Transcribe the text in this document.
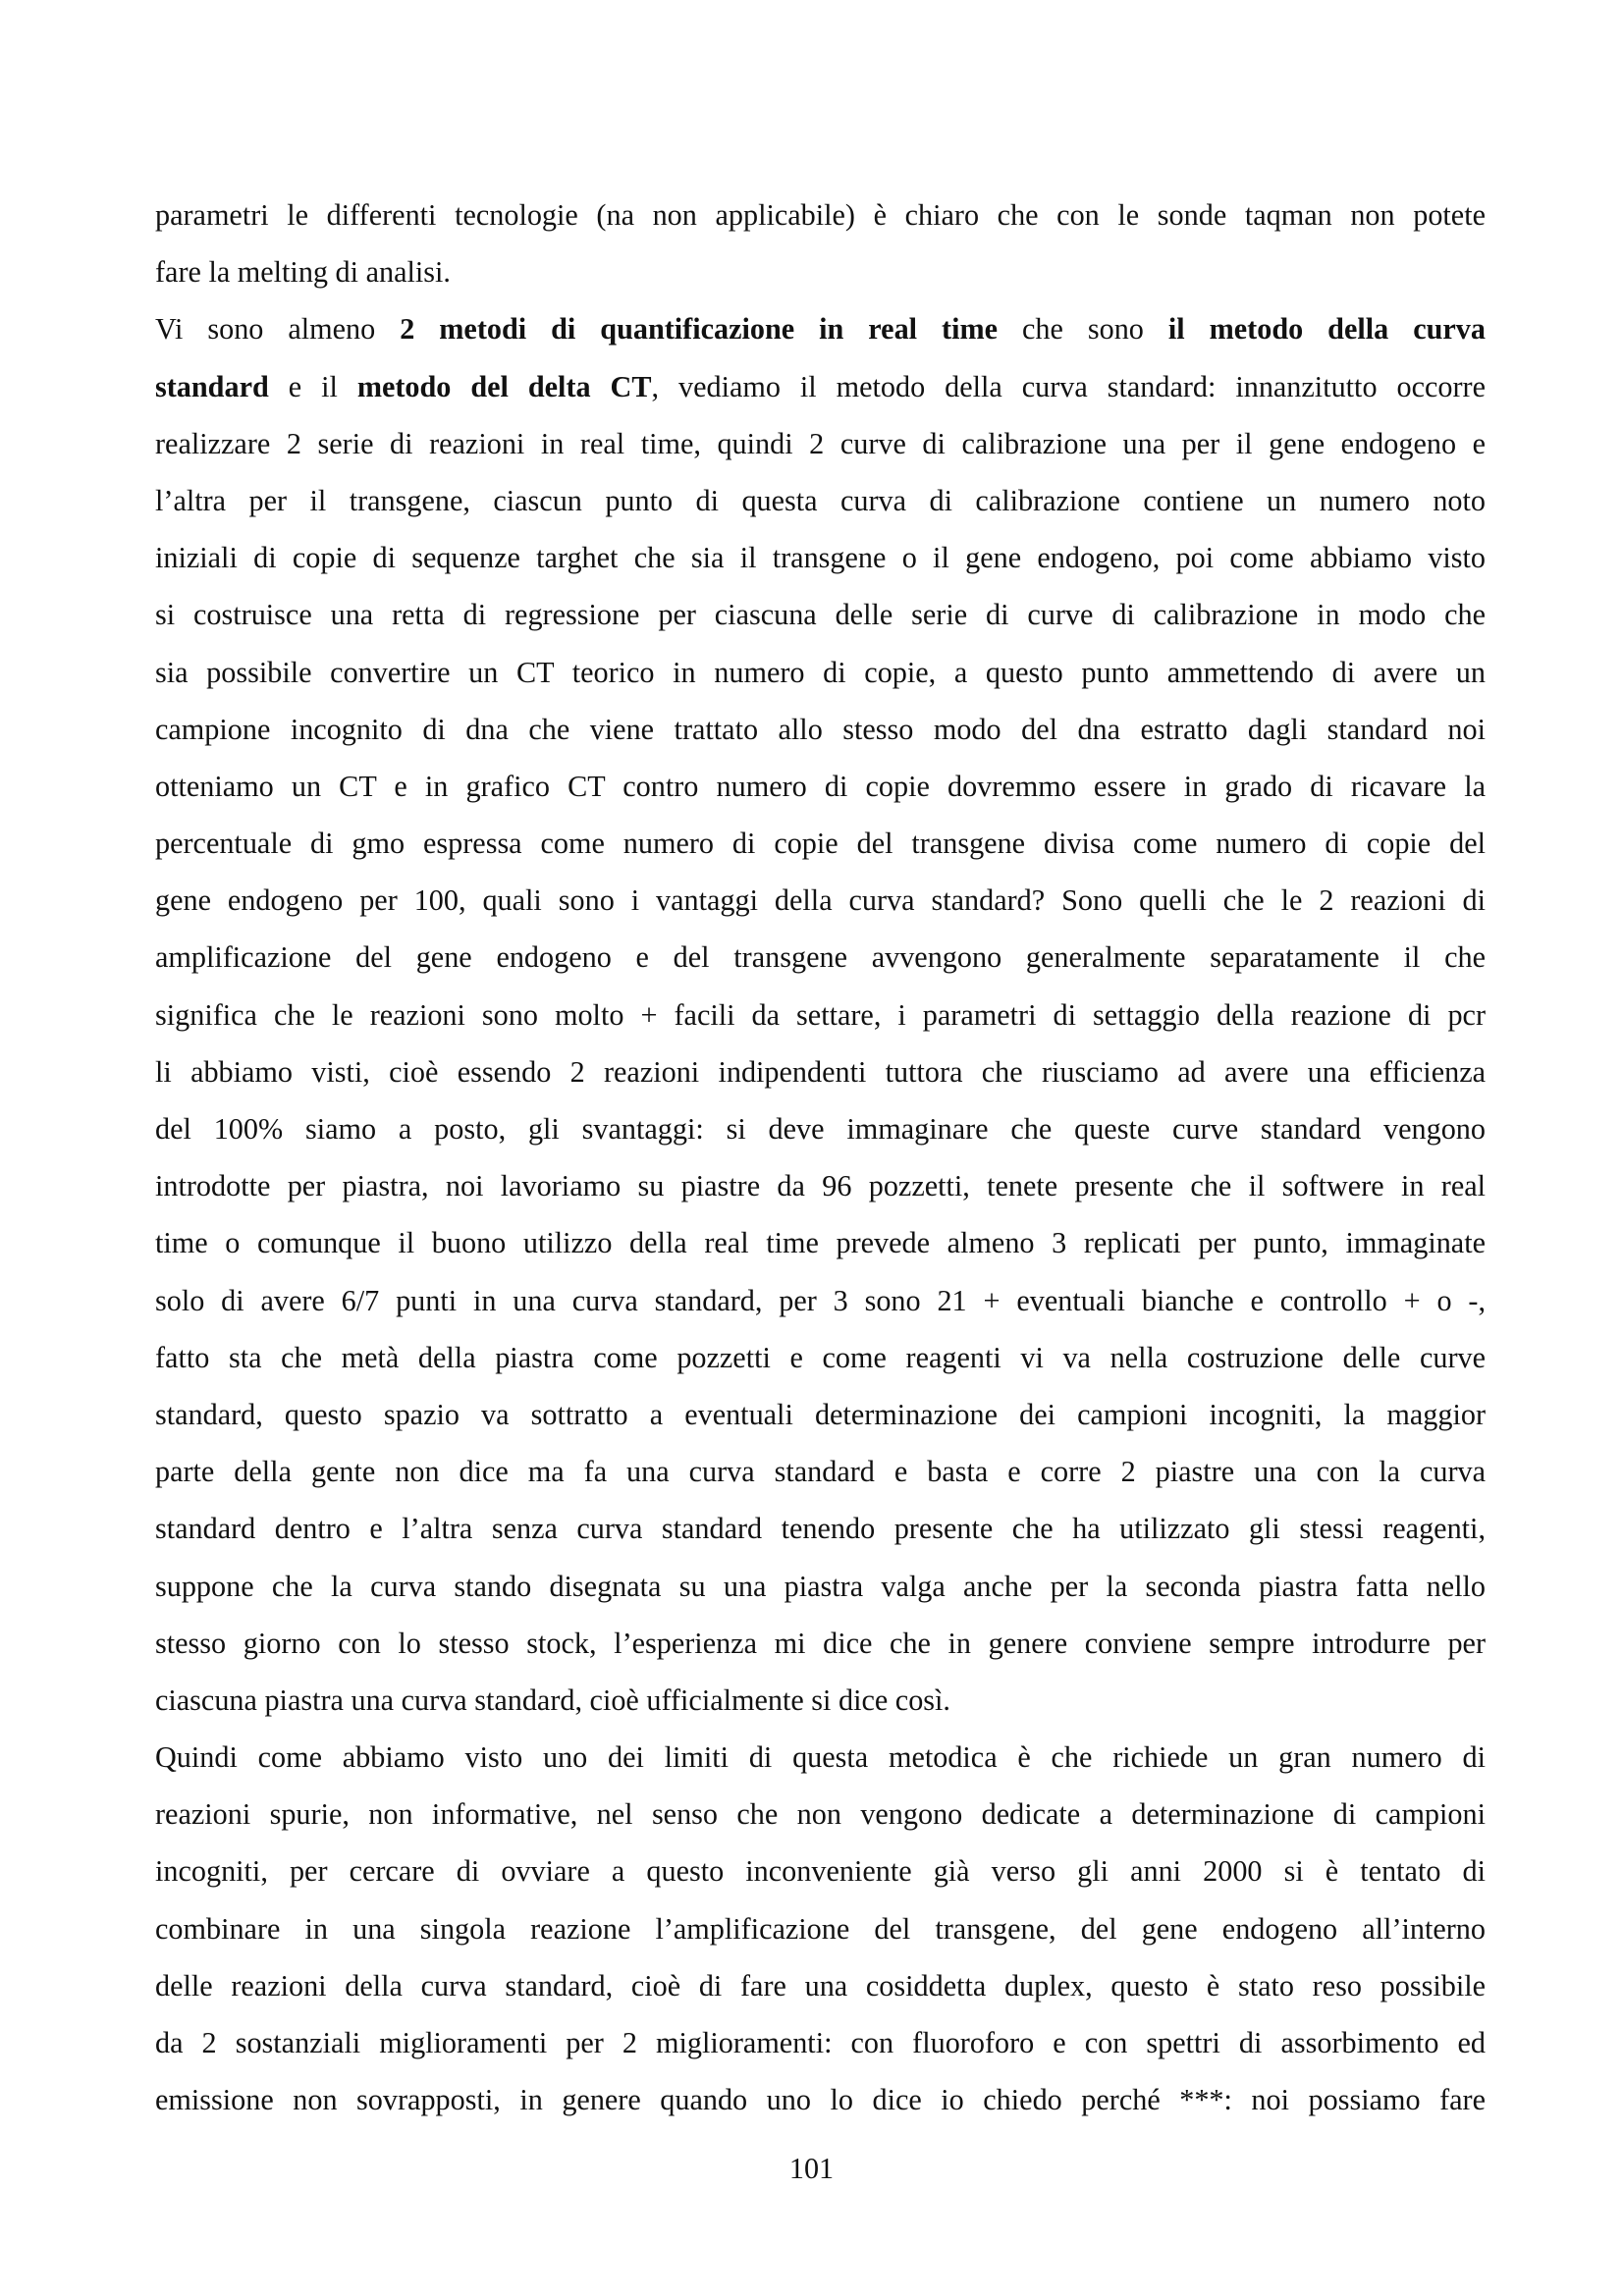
parametri le differenti tecnologie (na non applicabile) è chiaro che con le sonde taqman non potete
fare la melting di analisi.
Vi sono almeno 2 metodi di quantificazione in real time che sono il metodo della curva
standard e il metodo del delta CT, vediamo il metodo della curva standard: innanzitutto occorre
realizzare 2 serie di reazioni in real time, quindi 2 curve di calibrazione una per il gene endogeno e
l’altra per il transgene, ciascun punto di questa curva di calibrazione contiene un numero noto
iniziali di copie di sequenze targhet che sia il transgene o il gene endogeno, poi come abbiamo visto
si costruisce una retta di regressione per ciascuna delle serie di curve di calibrazione in modo che
sia possibile convertire un CT teorico in numero di copie, a questo punto ammettendo di avere un
campione incognito di dna che viene trattato allo stesso modo del dna estratto dagli standard noi
otteniamo un CT e in grafico CT contro numero di copie dovremmo essere in grado di ricavare la
percentuale di gmo espressa come numero di copie del transgene divisa come numero di copie del
gene endogeno per 100, quali sono i vantaggi della curva standard? Sono quelli che le 2 reazioni di
amplificazione del gene endogeno e del transgene avvengono generalmente separatamente il che
significa che le reazioni sono molto + facili da settare, i parametri di settaggio della reazione di pcr
li abbiamo visti, cioè essendo 2 reazioni indipendenti tuttora che riusciamo ad avere una efficienza
del 100% siamo a posto, gli svantaggi: si deve immaginare che queste curve standard vengono
introdotte per piastra, noi lavoriamo su piastre da 96 pozzetti, tenete presente che il softwere in real
time o comunque il buono utilizzo della real time prevede almeno 3 replicati per punto, immaginate
solo di avere 6/7 punti in una curva standard, per 3 sono 21 + eventuali bianche e controllo + o -,
fatto sta che metà della piastra come pozzetti e come reagenti vi va nella costruzione delle curve
standard, questo spazio va sottratto a eventuali determinazione dei campioni incogniti, la maggior
parte della gente non dice ma fa una curva standard e basta e corre 2 piastre una con la curva
standard dentro e l’altra senza curva standard tenendo presente che ha utilizzato gli stessi reagenti,
suppone che la curva stando disegnata su una piastra valga anche per la seconda piastra fatta nello
stesso giorno con lo stesso stock, l’esperienza mi dice che in genere conviene sempre introdurre per
ciascuna piastra una curva standard, cioè ufficialmente si dice così.
Quindi come abbiamo visto uno dei limiti di questa metodica è che richiede un gran numero di
reazioni spurie, non informative, nel senso che non vengono dedicate a determinazione di campioni
incogniti, per cercare di ovviare a questo inconveniente già verso gli anni 2000 si è tentato di
combinare in una singola reazione l’amplificazione del transgene, del gene endogeno all’interno
delle reazioni della curva standard, cioè di fare una cosiddetta duplex, questo è stato reso possibile
da 2 sostanziali miglioramenti per 2 miglioramenti: con fluoroforo e con spettri di assorbimento ed
emissione non sovrapposti, in genere quando uno lo dice io chiedo perché ***: noi possiamo fare
101
